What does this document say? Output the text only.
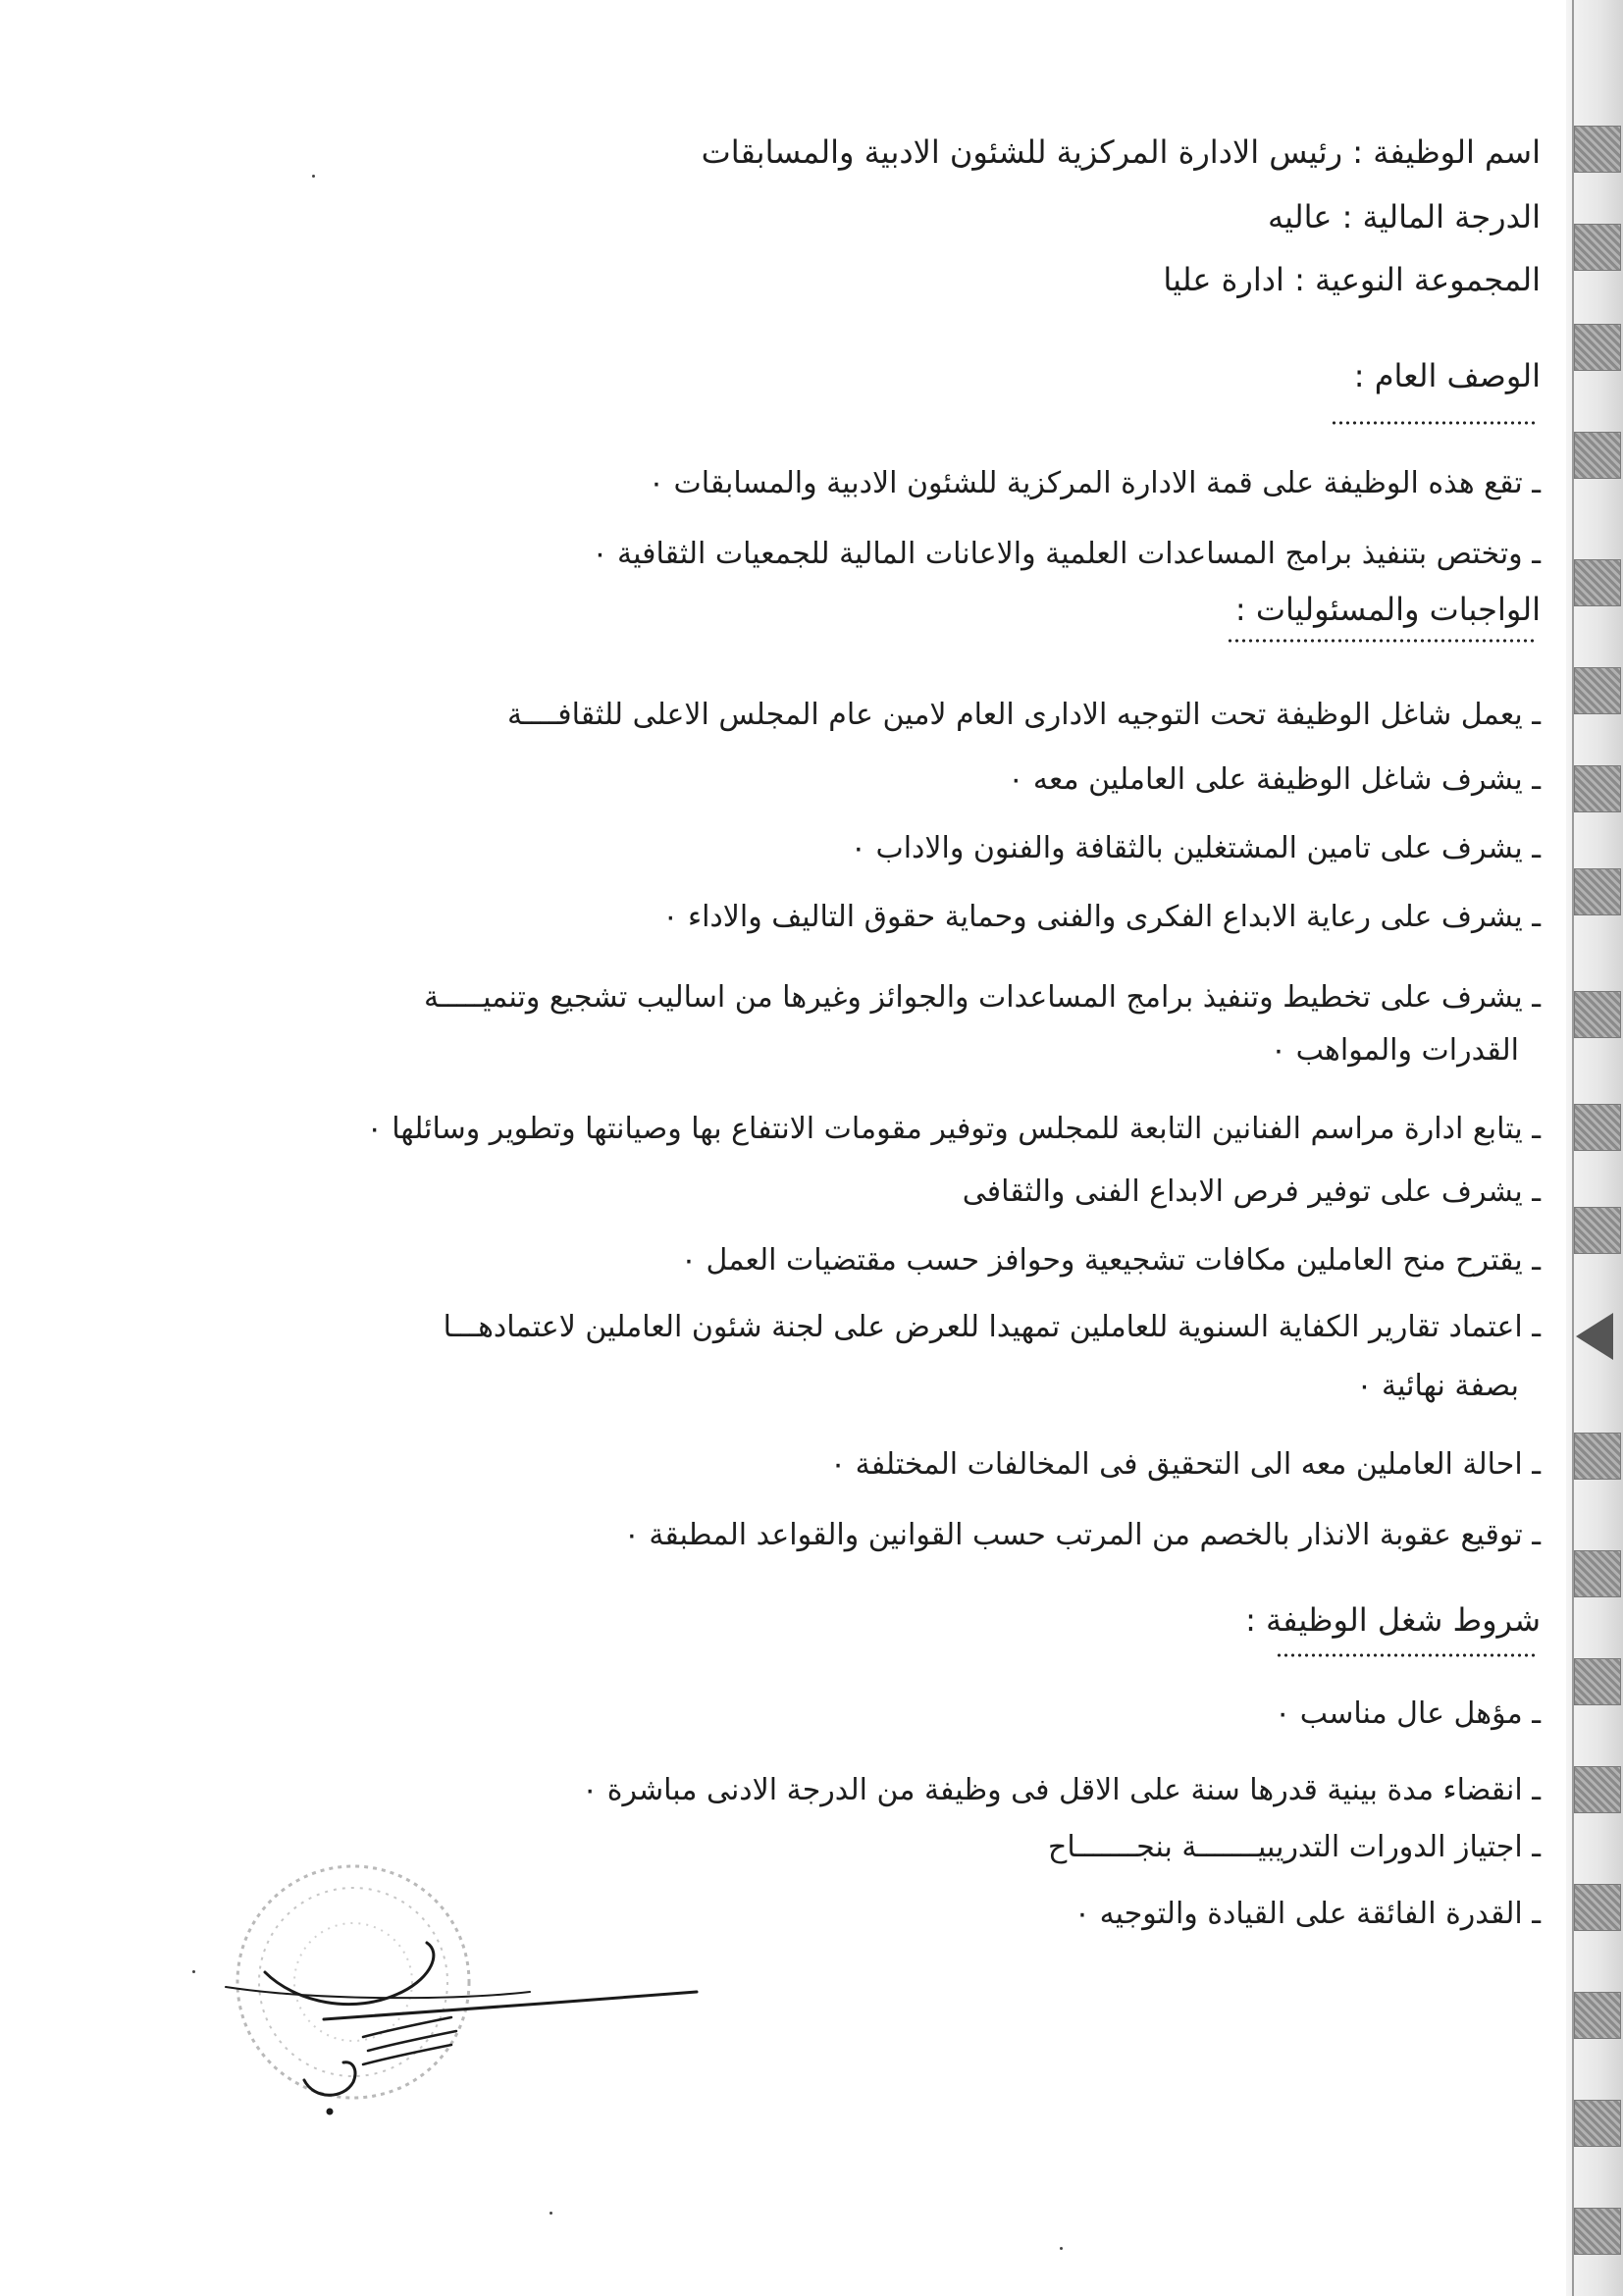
اسم الوظيفة : رئيس الادارة المركزية للشئون الادبية والمسابقات
الدرجة المالية : عاليه
المجموعة النوعية : ادارة عليا
الوصف العام :
ـ تقع هذه الوظيفة على قمة الادارة المركزية للشئون الادبية والمسابقات ٠
ـ وتختص بتنفيذ برامج المساعدات العلمية والاعانات المالية للجمعيات الثقافية ٠
الواجبات والمسئوليات :
ـ يعمل شاغل الوظيفة تحت التوجيه الادارى العام لامين عام المجلس الاعلى للثقافــــة
ـ يشرف شاغل الوظيفة على العاملين معه ٠
ـ يشرف على تامين المشتغلين بالثقافة والفنون والاداب ٠
ـ يشرف على رعاية الابداع الفكرى والفنى وحماية حقوق التاليف والاداء ٠
ـ يشرف على تخطيط وتنفيذ برامج المساعدات والجوائز وغيرها من اساليب تشجيع وتنميـــــة
القدرات والمواهب ٠
ـ يتابع ادارة مراسم الفنانين التابعة للمجلس وتوفير مقومات الانتفاع بها وصيانتها وتطوير وسائلها ٠
ـ يشرف على توفير فرص الابداع الفنى والثقافى
ـ يقترح منح العاملين مكافات تشجيعية وحوافز حسب مقتضيات العمل ٠
ـ اعتماد تقارير الكفاية السنوية للعاملين تمهيدا للعرض على لجنة شئون العاملين لاعتمادهـــا
بصفة نهائية ٠
ـ احالة العاملين معه الى التحقيق فى المخالفات المختلفة ٠
ـ توقيع عقوبة الانذار بالخصم من المرتب حسب القوانين والقواعد المطبقة ٠
شروط شغل الوظيفة :
ـ مؤهل عال مناسب ٠
ـ انقضاء مدة بينية قدرها سنة على الاقل فى وظيفة من الدرجة الادنى مباشرة ٠
ـ اجتياز الدورات التدريبيـــــــة بنجـــــــاح
ـ القدرة الفائقة على القيادة والتوجيه ٠
